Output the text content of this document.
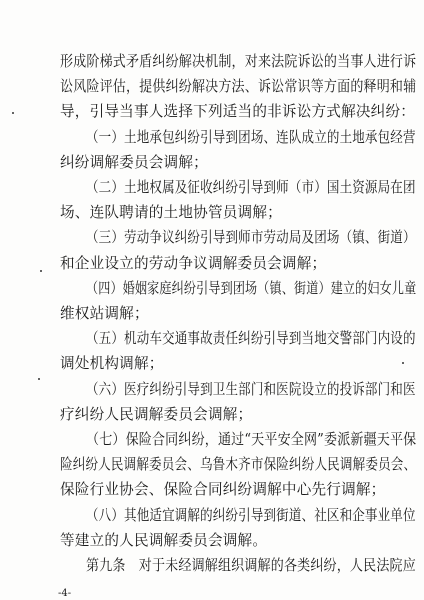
形成阶梯式矛盾纠纷解决机制，对来法院诉讼的当事人进行诉
讼风险评估，提供纠纷解决方法、诉讼常识等方面的释明和辅
导，引导当事人选择下列适当的非诉讼方式解决纠纷：
（一）土地承包纠纷引导到团场、连队成立的土地承包经营
纠纷调解委员会调解；
（二）土地权属及征收纠纷引导到师（市）国土资源局在团
场、连队聘请的土地协管员调解；
（三）劳动争议纠纷引导到师市劳动局及团场（镇、街道）
和企业设立的劳动争议调解委员会调解；
（四）婚姻家庭纠纷引导到团场（镇、街道）建立的妇女儿童
维权站调解；
（五）机动车交通事故责任纠纷引导到当地交警部门内设的
调处机构调解；
（六）医疗纠纷引导到卫生部门和医院设立的投诉部门和医
疗纠纷人民调解委员会调解；
（七）保险合同纠纷，通过“天平安全网”委派新疆天平保
险纠纷人民调解委员会、乌鲁木齐市保险纠纷人民调解委员会、
保险行业协会、保险合同纠纷调解中心先行调解；
（八）其他适宜调解的纠纷引导到街道、社区和企事业单位
等建立的人民调解委员会调解。
第九条　对于未经调解组织调解的各类纠纷，人民法院应
-4-
